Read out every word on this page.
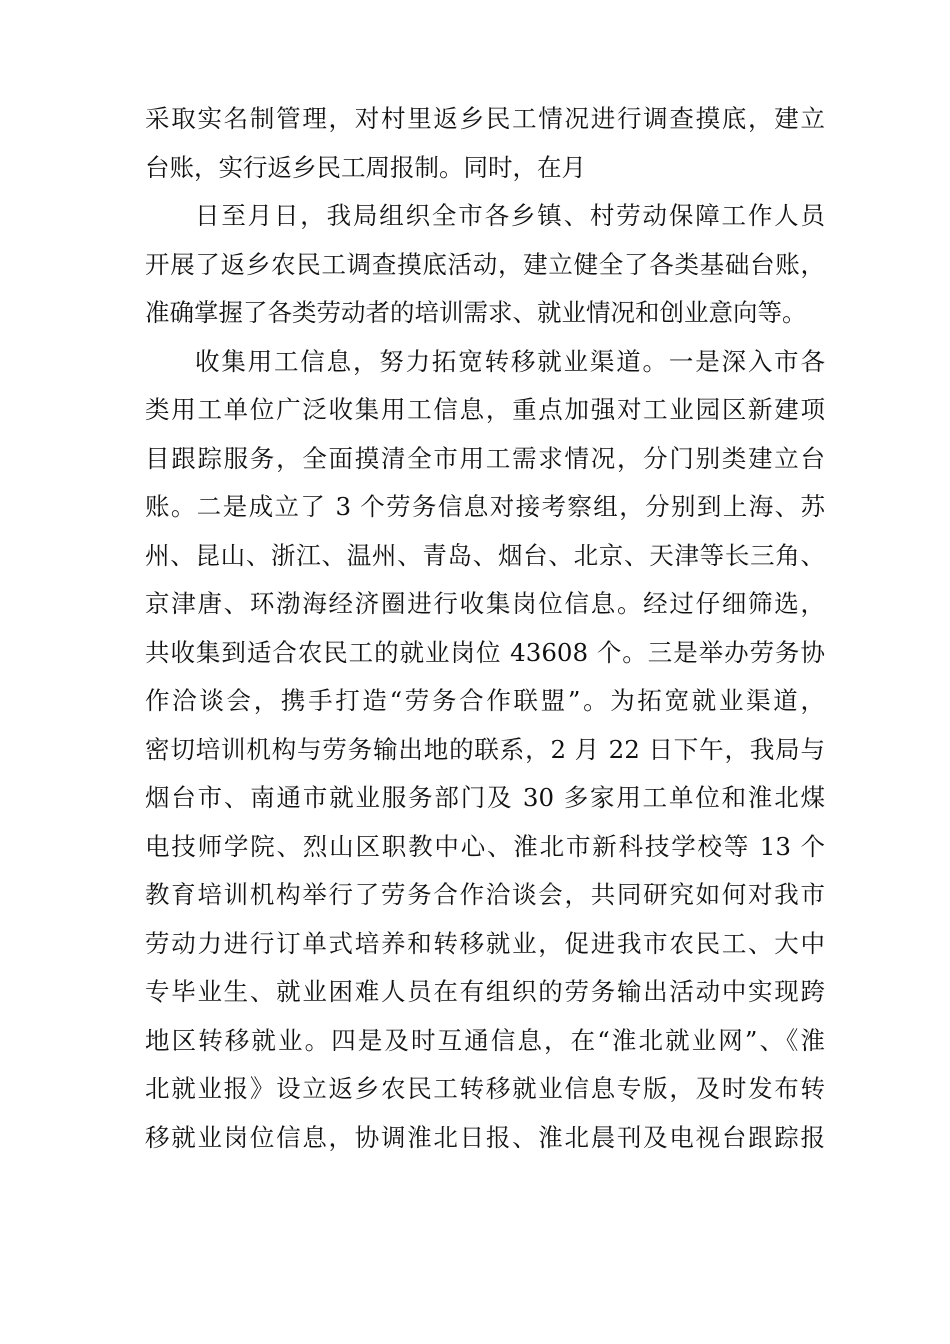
采取实名制管理，对村里返乡民工情况进行调查摸底，建立
台账，实行返乡民工周报制。同时，在月
日至月日，我局组织全市各乡镇、村劳动保障工作人员
开展了返乡农民工调查摸底活动，建立健全了各类基础台账，
准确掌握了各类劳动者的培训需求、就业情况和创业意向等。
收集用工信息，努力拓宽转移就业渠道。一是深入市各
类用工单位广泛收集用工信息，重点加强对工业园区新建项
目跟踪服务，全面摸清全市用工需求情况，分门别类建立台
账。二是成立了 3 个劳务信息对接考察组，分别到上海、苏
州、昆山、浙江、温州、青岛、烟台、北京、天津等长三角、
京津唐、环渤海经济圈进行收集岗位信息。经过仔细筛选，
共收集到适合农民工的就业岗位 43608 个。三是举办劳务协
作洽谈会，携手打造“劳务合作联盟”。为拓宽就业渠道，
密切培训机构与劳务输出地的联系，2 月 22 日下午，我局与
烟台市、南通市就业服务部门及 30 多家用工单位和淮北煤
电技师学院、烈山区职教中心、淮北市新科技学校等 13 个
教育培训机构举行了劳务合作洽谈会，共同研究如何对我市
劳动力进行订单式培养和转移就业，促进我市农民工、大中
专毕业生、就业困难人员在有组织的劳务输出活动中实现跨
地区转移就业。四是及时互通信息，在“淮北就业网”、《淮
北就业报》设立返乡农民工转移就业信息专版，及时发布转
移就业岗位信息，协调淮北日报、淮北晨刊及电视台跟踪报
